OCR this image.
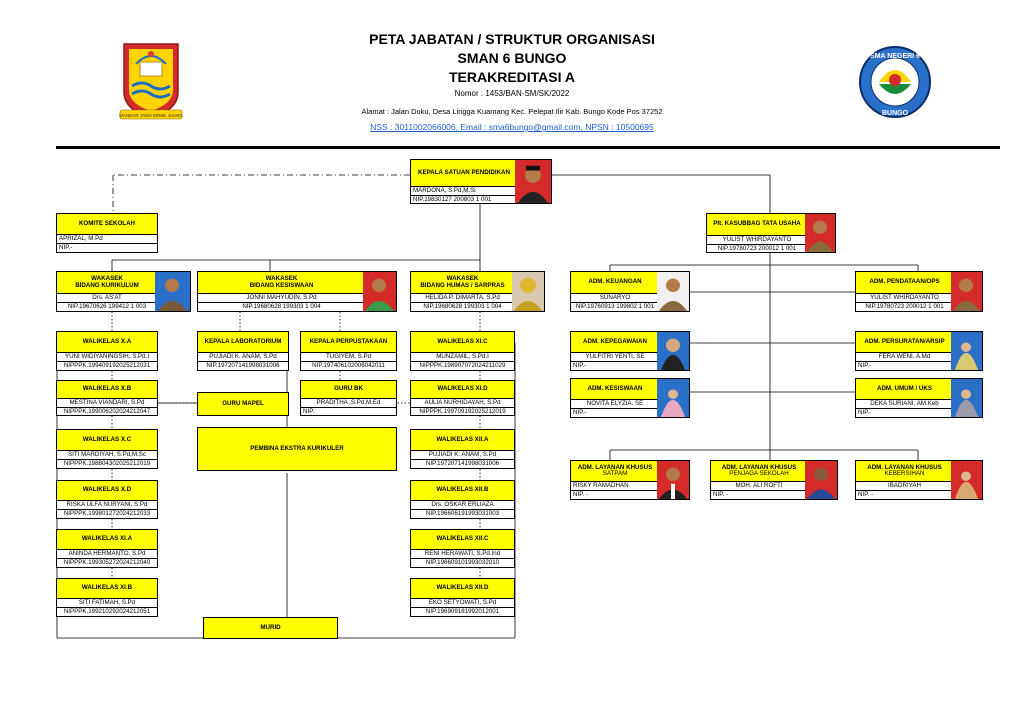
PETA JABATAN / STRUKTUR ORGANISASI
SMAN 6 BUNGO
TERAKREDITASI A
Nomor : 1453/BAN-SM/SK/2022
Alamat : Jalan Duku, Desa Lingga Kuamang Kec. Pelepat Ilir Kab. Bungo Kode Pos 37252
NSS : 3011002066006, Email : sma6bungo@gmail.com, NPSN : 10500695
MANDAR JANN DEMIL JUANG
SMA NEGERI 6
BUNGO
KEPALA SATUAN PENDIDIKAN
MARDONA, S.Pd,M.Si
NIP.19830127 200803 1 001
KOMITE SEKOLAH
APRIZAL, M.Pd
NIP.-
Plt. KASUBBAG TATA USAHA
YULIST WHIRDAYANTO
NIP.19780723 200012 1 001
WAKASEK
BIDANG KURIKULUM
Drs. AS'AT
NIP.19670626 199412 1 003
WAKASEK
BIDANG KESISWAAN
JONNI MAHYUDIN, S.Pd
NIP.19680628 199303 1 004
WAKASEK
BIDANG HUMAS / SARPRAS
HELIDA P. DIMARTA, S.Pd
NIP.19680628 199303 1 004
ADM. KEUANGAN
SUNARYO
NIP.19760913 199802 1 001
ADM. PENDATAAN/OPS
YULIST WHIRDAYANTO
NIP.19780723 200012 1 001
WALIKELAS X.A
YUNI WIDIYANINGSIH, S.Pd.I
NIPPPK.199409192025212031
KEPALA LABORATORIUM
PUJIADI K. ANAM, S.Pd
NIP.197207141998031006
KEPALA PERPUSTAKAAN
TUGIYEM, S.Pd
NIP.197406102006042011
WALIKELAS XI.C
MUNZAMIL, S.Pd.I
NIPPPK.198907072024211029
ADM. KEPEGAWAIAN
YULFITRI YENTI, SE
NIP.-
ADM. PERSURATAN/ARSIP
FERA WENI, A.Md
NIP.-
WALIKELAS X.B
MESTINA VIANDARI, S.Pd
NIPPPK.199006202024212047
GURU MAPEL
GURU BK
PRADITHA ,S.Pd,M.Ed
NIP.
WALIKELAS XI.D
AULIA NURHIDAYAH, S.Pd
NIPPPK.199709192025212019
ADM. KESISWAAN
NOVITA ELYZIA, SE
NIP.-
ADM. UMUM / UKS
DEKA SURIANI, AM.Keb
NIP.-
WALIKELAS X.C
SITI MARDIYAH, S.Pd,M.Sc
NIPPPK.198804302025212019
PEMBINA EKSTRA KURIKULER
WALIKELAS XII.A
PUJIADI K. ANAM, S.Pd
NIP.197207141998031006	ADM. LAYANAN KHUSUS
SATPAM
RISKY RAMADHAN
NIP. -
ADM. LAYANAN KHUSUS
PENJAGA SEKOLAH
MOH. ALI ROFTI
NIP. -
ADM. LAYANAN KHUSUS
KEBERSIHAN
IBADRIYAH
NIP. -
WALIKELAS X.D
RISKA ULFA NURYANI, S.Pd
NIPPPK.199801272024212033
WALIKELAS XII.B
Drs. OSKAR ERLIAZA
NIP.196606191993031003
WALIKELAS XI.A
ANINDA HERMANTO, S.Pd
NIPPPK.199305272024212040
WALIKELAS XII.C
RENI HERAWATI, S.Pd.Ind
NIP.196609101993032010
WALIKELAS XI.B
SITI FATIMAH, S.Pd
NIPPPK.199210292024212051
WALIKELAS XII.D
EKO SETYOWATI, S.Pd
NIP.196909181992012001
MURID
